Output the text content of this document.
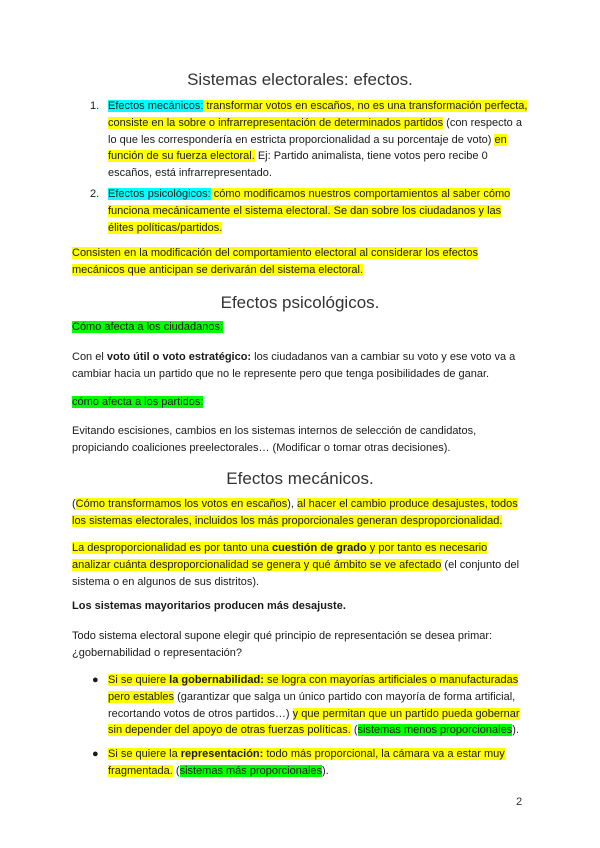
Sistemas electorales: efectos.
1. Efectos mecánicos: transformar votos en escaños, no es una transformación perfecta, consiste en la sobre o infrarrepresentación de determinados partidos (con respecto a lo que les correspondería en estricta proporcionalidad a su porcentaje de voto) en función de su fuerza electoral. Ej: Partido animalista, tiene votos pero recibe 0 escaños, está infrarrepresentado.
2. Efectos psicológicos: cómo modificamos nuestros comportamientos al saber cómo funciona mecánicamente el sistema electoral. Se dan sobre los ciudadanos y las élites políticas/partidos.
Consisten en la modificación del comportamiento electoral al considerar los efectos mecánicos que anticipan se derivarán del sistema electoral.
Efectos psicológicos.
Cómo afecta a los ciudadanos:
Con el voto útil o voto estratégico: los ciudadanos van a cambiar su voto y ese voto va a cambiar hacia un partido que no le represente pero que tenga posibilidades de ganar.
cómo afecta a los partidos:
Evitando escisiones, cambios en los sistemas internos de selección de candidatos, propiciando coaliciones preelectorales… (Modificar o tomar otras decisiones).
Efectos mecánicos.
(Cómo transformamos los votos en escaños), al hacer el cambio produce desajustes, todos los sistemas electorales, incluidos los más proporcionales generan desproporcionalidad.
La desproporcionalidad es por tanto una cuestión de grado y por tanto es necesario analizar cuánta desproporcionalidad se genera y qué ámbito se ve afectado (el conjunto del sistema o en algunos de sus distritos).
Los sistemas mayoritarios producen más desajuste.
Todo sistema electoral supone elegir qué principio de representación se desea primar: ¿gobernabilidad o representación?
● Si se quiere la gobernabilidad: se logra con mayorías artificiales o manufacturadas pero estables (garantizar que salga un único partido con mayoría de forma artificial, recortando votos de otros partidos…) y que permitan que un partido pueda gobernar sin depender del apoyo de otras fuerzas políticas. (sistemas menos proporcionales).
● Si se quiere la representación: todo más proporcional, la cámara va a estar muy fragmentada. (sistemas más proporcionales).
2
